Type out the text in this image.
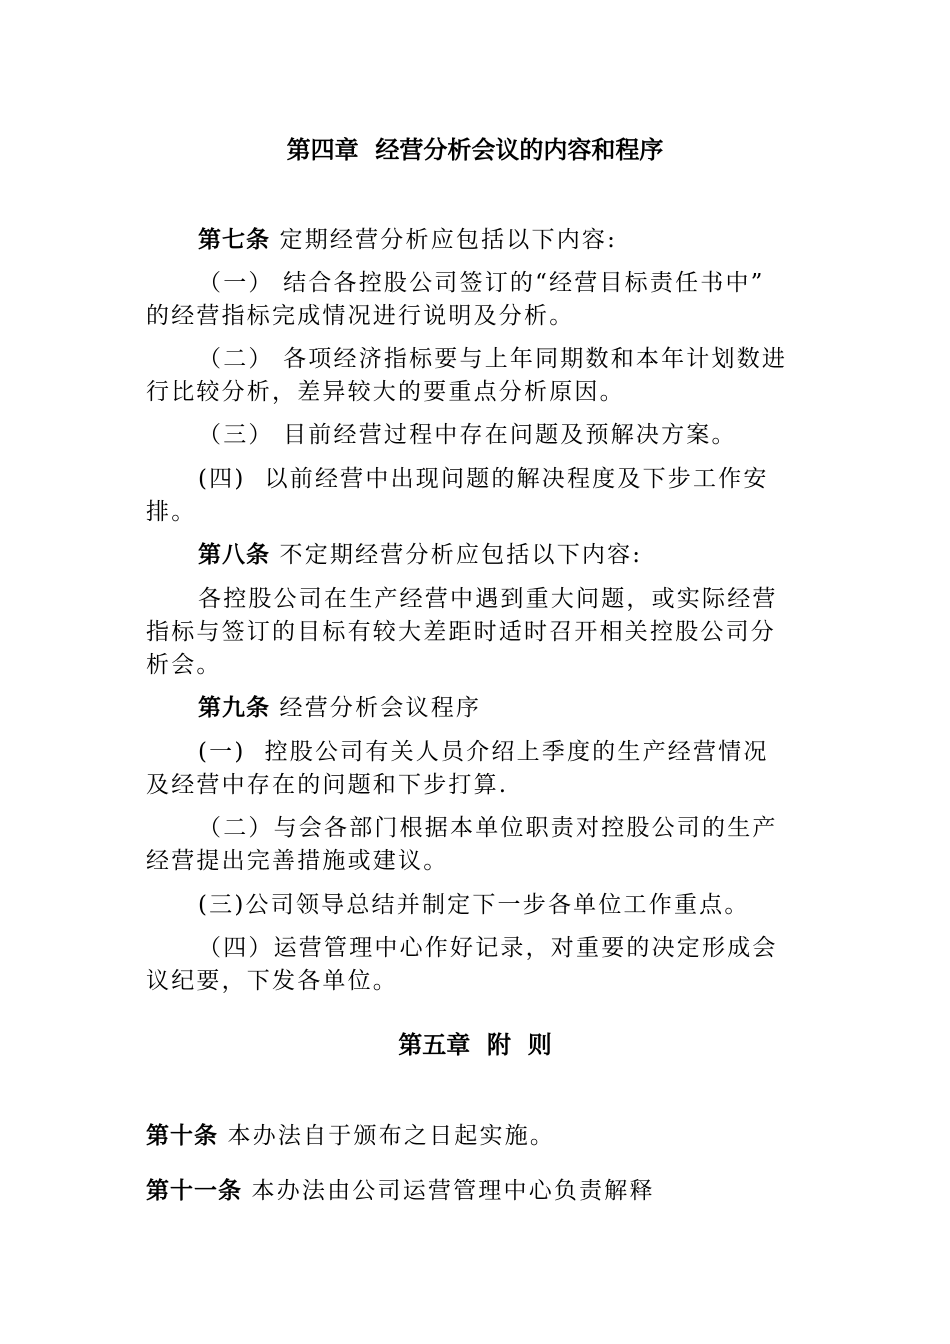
第四章  经营分析会议的内容和程序
第七条 定期经营分析应包括以下内容:
（一） 结合各控股公司签订的“经营目标责任书中”
的经营指标完成情况进行说明及分析。
（二） 各项经济指标要与上年同期数和本年计划数进
行比较分析，差异较大的要重点分析原因。
（三） 目前经营过程中存在问题及预解决方案。
(四)  以前经营中出现问题的解决程度及下步工作安
排。
第八条 不定期经营分析应包括以下内容:
各控股公司在生产经营中遇到重大问题，或实际经营
指标与签订的目标有较大差距时适时召开相关控股公司分
析会。
第九条 经营分析会议程序
(一)  控股公司有关人员介绍上季度的生产经营情况
及经营中存在的问题和下步打算.
（二）与会各部门根据本单位职责对控股公司的生产
经营提出完善措施或建议。
(三)公司领导总结并制定下一步各单位工作重点。
（四）运营管理中心作好记录，对重要的决定形成会
议纪要，下发各单位。
第五章  附  则
第十条 本办法自于颁布之日起实施。
第十一条 本办法由公司运营管理中心负责解释
